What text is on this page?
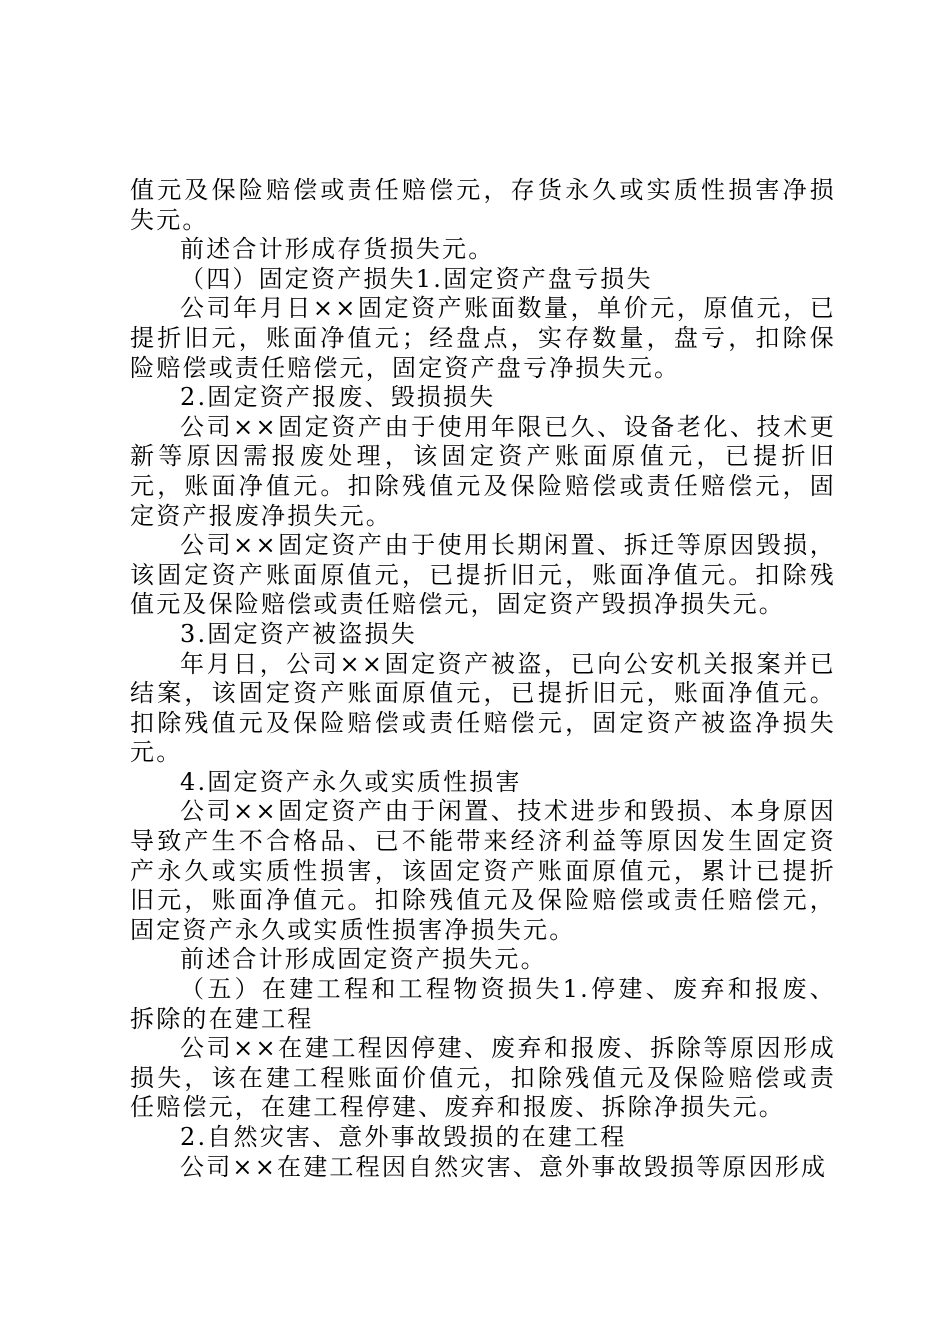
值元及保险赔偿或责任赔偿元，存货永久或实质性损害净损失元。

前述合计形成存货损失元。

（四）固定资产损失1.固定资产盘亏损失

公司年月日××固定资产账面数量，单价元，原值元，已提折旧元，账面净值元；经盘点，实存数量，盘亏，扣除保险赔偿或责任赔偿元，固定资产盘亏净损失元。

2.固定资产报废、毁损损失

公司××固定资产由于使用年限已久、设备老化、技术更新等原因需报废处理，该固定资产账面原值元，已提折旧元，账面净值元。扣除残值元及保险赔偿或责任赔偿元，固定资产报废净损失元。

公司××固定资产由于使用长期闲置、拆迁等原因毁损，该固定资产账面原值元，已提折旧元，账面净值元。扣除残值元及保险赔偿或责任赔偿元，固定资产毁损净损失元。

3.固定资产被盗损失

年月日，公司××固定资产被盗，已向公安机关报案并已结案，该固定资产账面原值元，已提折旧元，账面净值元。扣除残值元及保险赔偿或责任赔偿元，固定资产被盗净损失元。

4.固定资产永久或实质性损害

公司××固定资产由于闲置、技术进步和毁损、本身原因导致产生不合格品、已不能带来经济利益等原因发生固定资产永久或实质性损害，该固定资产账面原值元，累计已提折旧元，账面净值元。扣除残值元及保险赔偿或责任赔偿元，固定资产永久或实质性损害净损失元。

前述合计形成固定资产损失元。

（五）在建工程和工程物资损失1.停建、废弃和报废、拆除的在建工程

公司××在建工程因停建、废弃和报废、拆除等原因形成损失，该在建工程账面价值元，扣除残值元及保险赔偿或责任赔偿元，在建工程停建、废弃和报废、拆除净损失元。

2.自然灾害、意外事故毁损的在建工程

公司××在建工程因自然灾害、意外事故毁损等原因形成
